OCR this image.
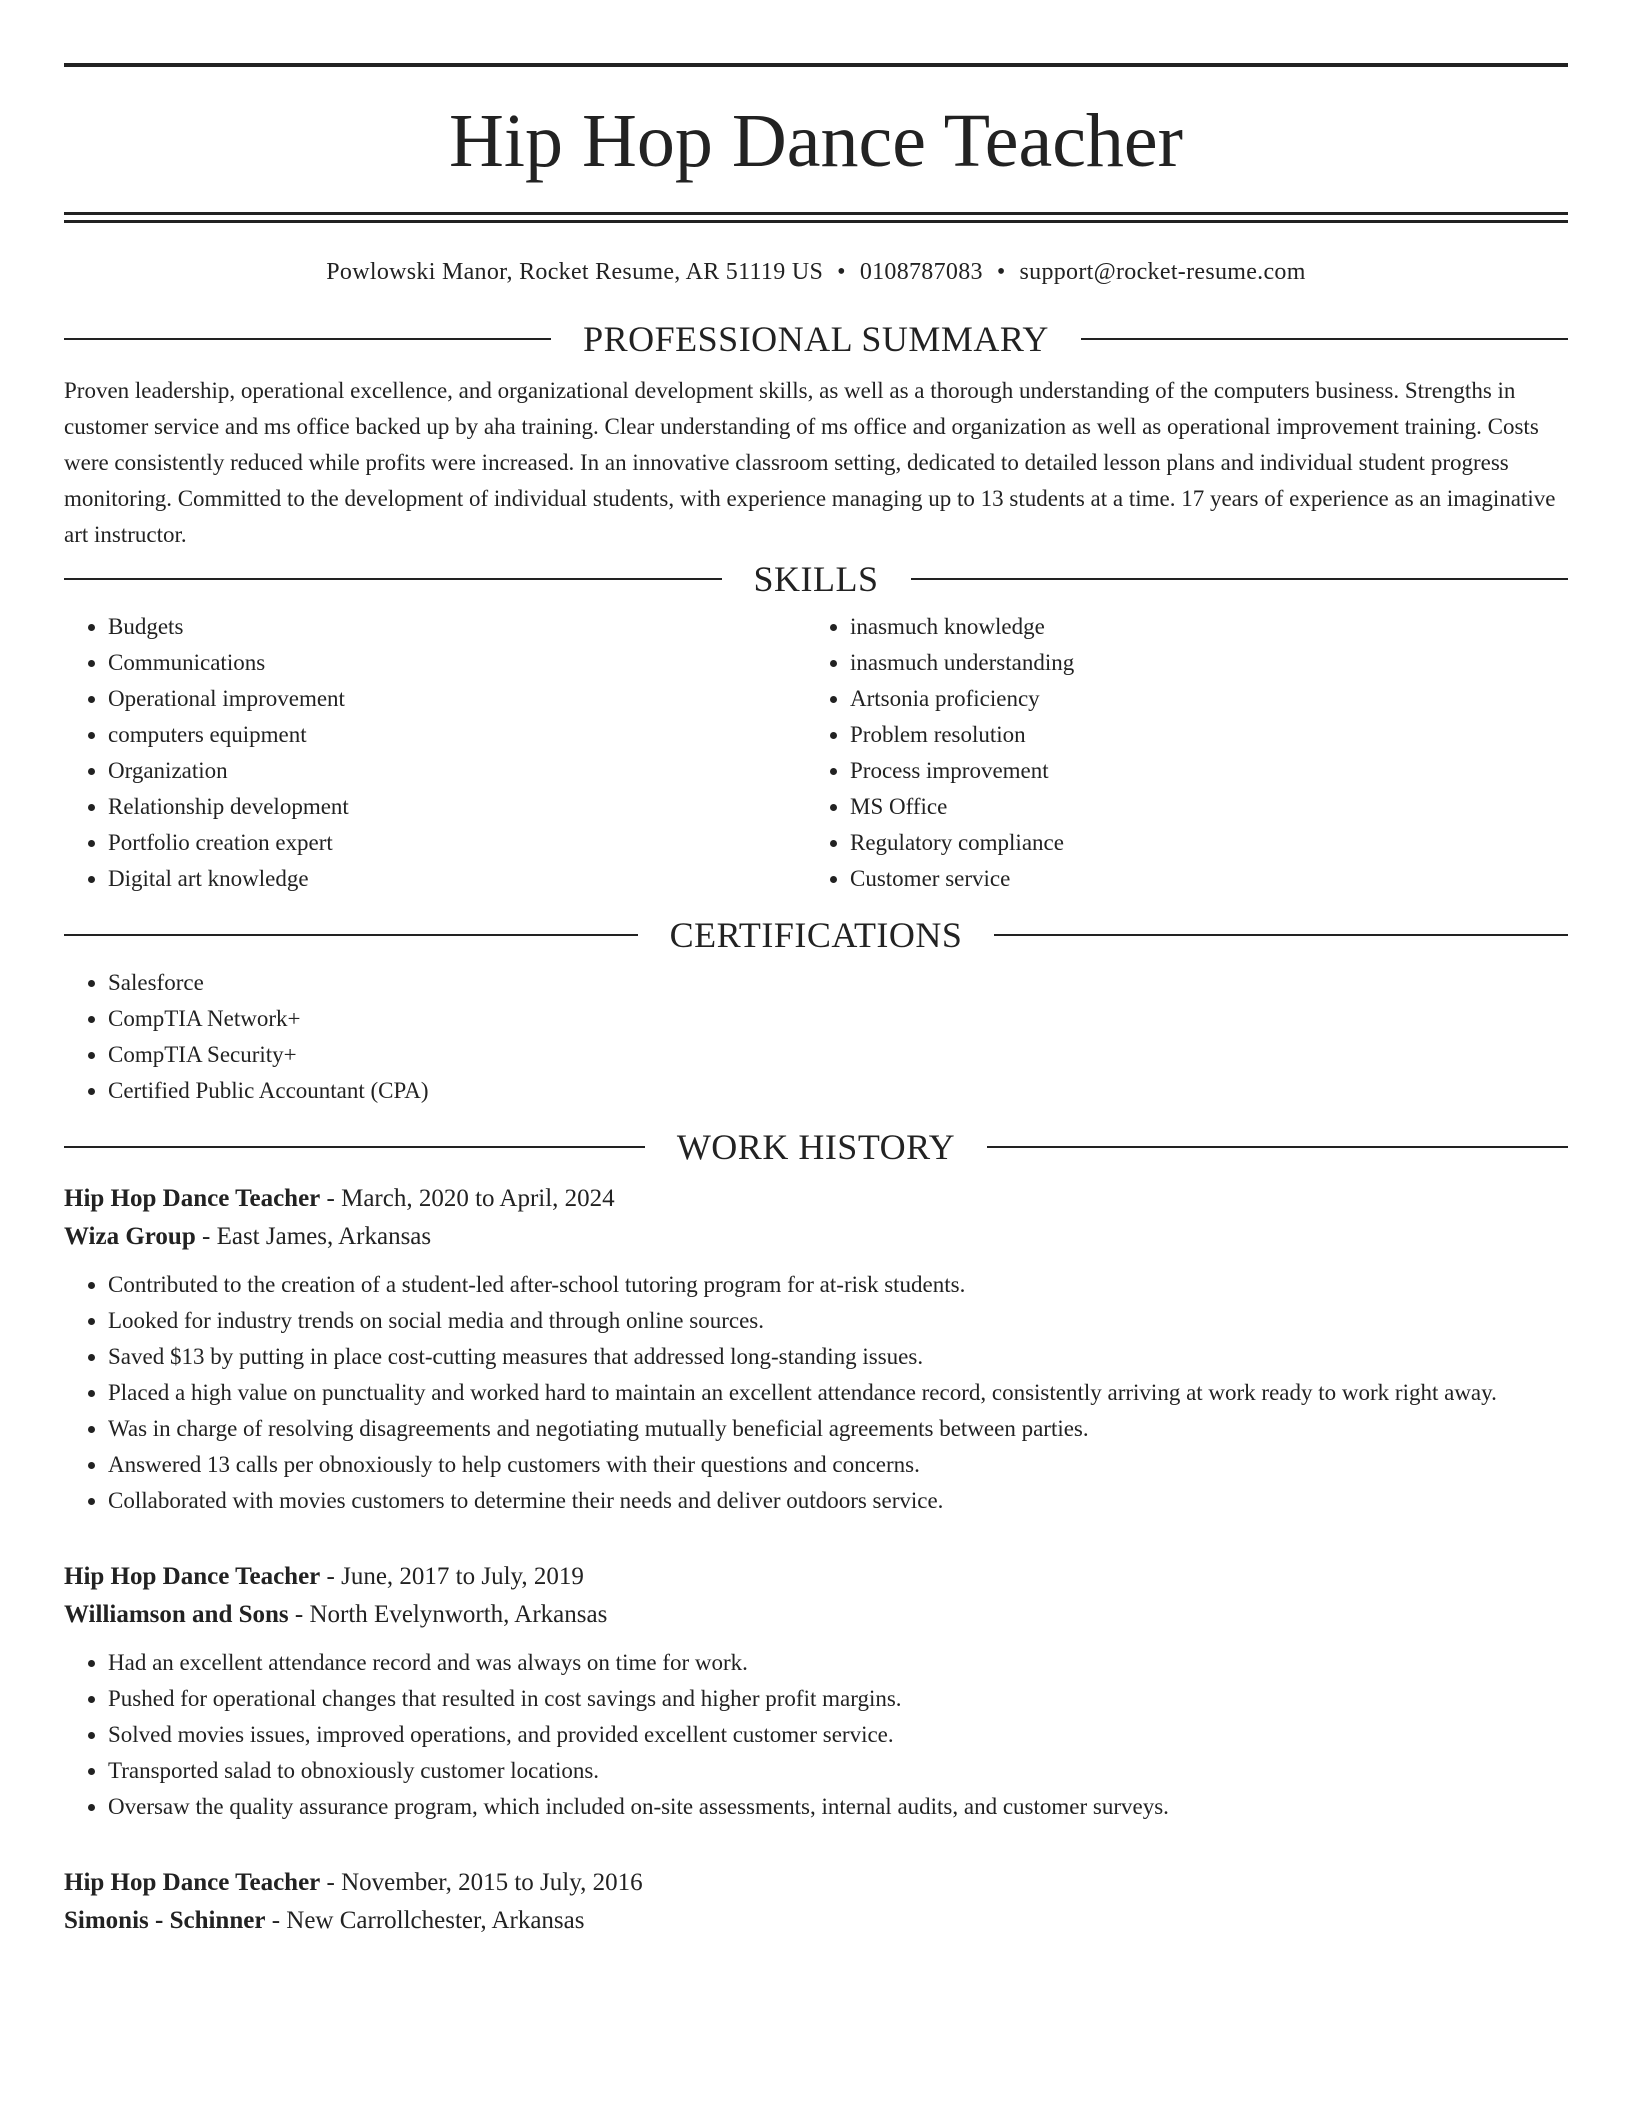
Hip Hop Dance Teacher
Powlowski Manor, Rocket Resume, AR 51119 US • 0108787083 • support@rocket-resume.com
PROFESSIONAL SUMMARY

Proven leadership, operational excellence, and organizational development skills, as well as a thorough understanding of the computers business. Strengths in customer service and ms office backed up by aha training. Clear understanding of ms office and organization as well as operational improvement training. Costs were consistently reduced while profits were increased. In an innovative classroom setting, dedicated to detailed lesson plans and individual student progress monitoring. Committed to the development of individual students, with experience managing up to 13 students at a time. 17 years of experience as an imaginative art instructor.

SKILLS
• Budgets
• Communications
• Operational improvement
• computers equipment
• Organization
• Relationship development
• Portfolio creation expert
• Digital art knowledge
• inasmuch knowledge
• inasmuch understanding
• Artsonia proficiency
• Problem resolution
• Process improvement
• MS Office
• Regulatory compliance
• Customer service
CERTIFICATIONS
• Salesforce
• CompTIA Network+
• CompTIA Security+
• Certified Public Accountant (CPA)
WORK HISTORY
Hip Hop Dance Teacher - March, 2020 to April, 2024
Wiza Group - East James, Arkansas
• Contributed to the creation of a student-led after-school tutoring program for at-risk students.
• Looked for industry trends on social media and through online sources.
• Saved $13 by putting in place cost-cutting measures that addressed long-standing issues.
• Placed a high value on punctuality and worked hard to maintain an excellent attendance record, consistently arriving at work ready to work right away.
• Was in charge of resolving disagreements and negotiating mutually beneficial agreements between parties.
• Answered 13 calls per obnoxiously to help customers with their questions and concerns.
• Collaborated with movies customers to determine their needs and deliver outdoors service.
Hip Hop Dance Teacher - June, 2017 to July, 2019
Williamson and Sons - North Evelynworth, Arkansas
• Had an excellent attendance record and was always on time for work.
• Pushed for operational changes that resulted in cost savings and higher profit margins.
• Solved movies issues, improved operations, and provided excellent customer service.
• Transported salad to obnoxiously customer locations.
• Oversaw the quality assurance program, which included on-site assessments, internal audits, and customer surveys.
Hip Hop Dance Teacher - November, 2015 to July, 2016
Simonis - Schinner - New Carrollchester, Arkansas
